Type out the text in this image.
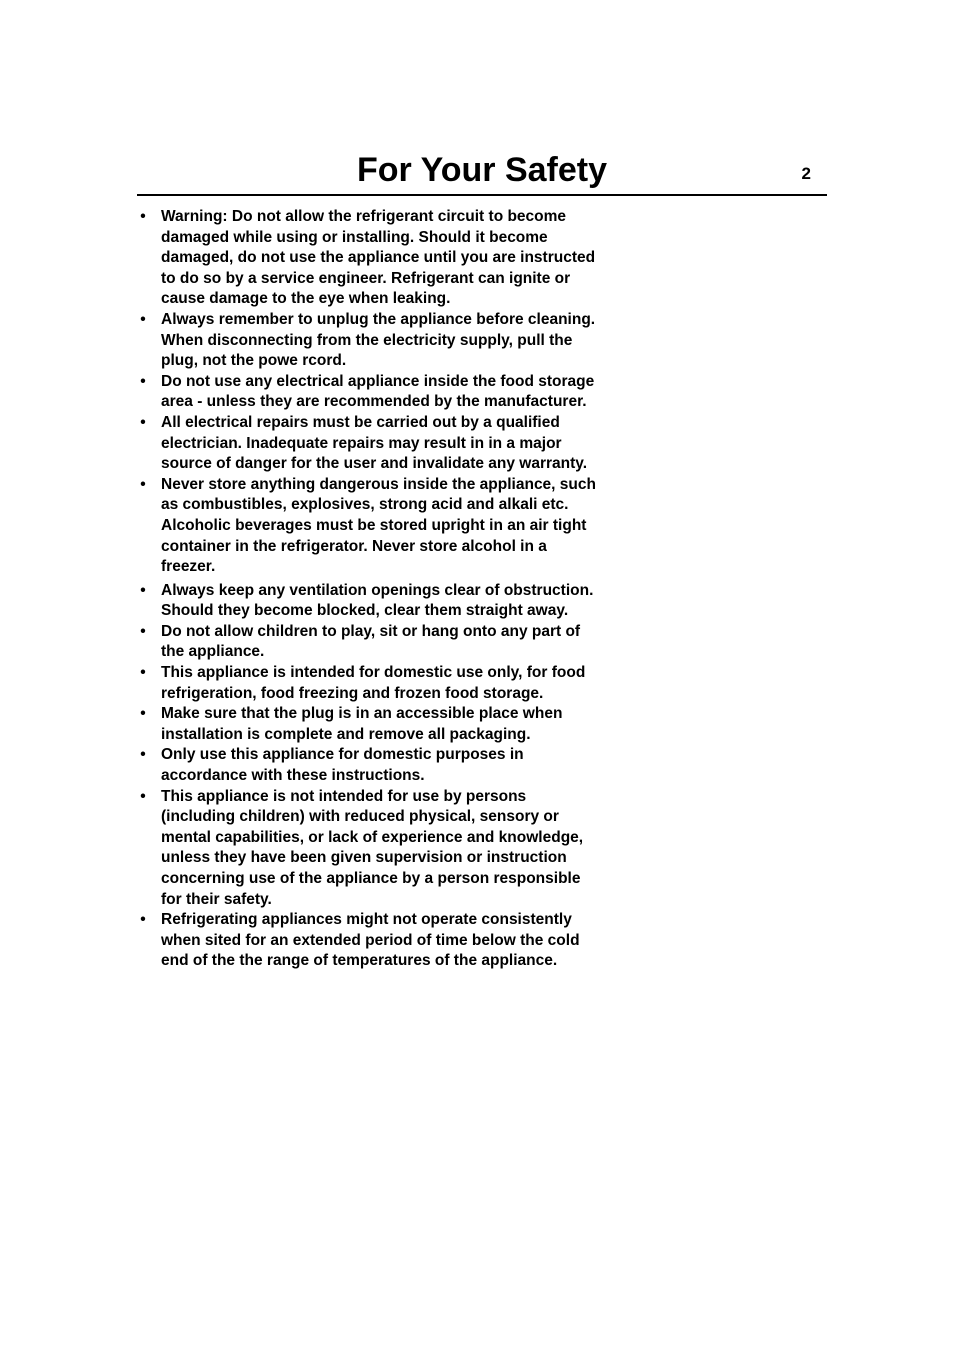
For Your Safety	2
• Warning: Do not allow the refrigerant circuit to become damaged while using or installing. Should it become damaged, do not use the appliance until you are instructed to do so by a service engineer. Refrigerant can ignite or cause damage to the eye when leaking.
• Always remember to unplug the appliance before cleaning. When disconnecting from the electricity supply, pull the plug, not the powe rcord.
• Do not use any electrical appliance inside the food storage area - unless they are recommended by the manufacturer.
• All electrical repairs must be carried out by a qualified electrician. Inadequate repairs may result in in a major source of danger for the user and invalidate any warranty.
• Never store anything dangerous inside the appliance, such as combustibles, explosives, strong acid and alkali etc. Alcoholic beverages must be stored upright in an air tight container in the refrigerator. Never store alcohol in a freezer.
• Always keep any ventilation openings clear of obstruction. Should they become blocked, clear them straight away.
• Do not allow children to play, sit or hang onto any part of the appliance.
• This appliance is intended for domestic use only, for food refrigeration, food freezing and frozen food storage.
• Make sure that the plug is in an accessible place when installation is complete and remove all packaging.
• Only use this appliance for domestic purposes in accordance with these instructions.
• This appliance is not intended for use by persons (including children) with reduced physical, sensory or mental capabilities, or lack of experience and knowledge, unless they have been given supervision or instruction concerning use of the appliance by a person responsible for their safety.
• Refrigerating appliances might not operate consistently when sited for an extended period of time below the cold end of the the range of temperatures of the appliance.
